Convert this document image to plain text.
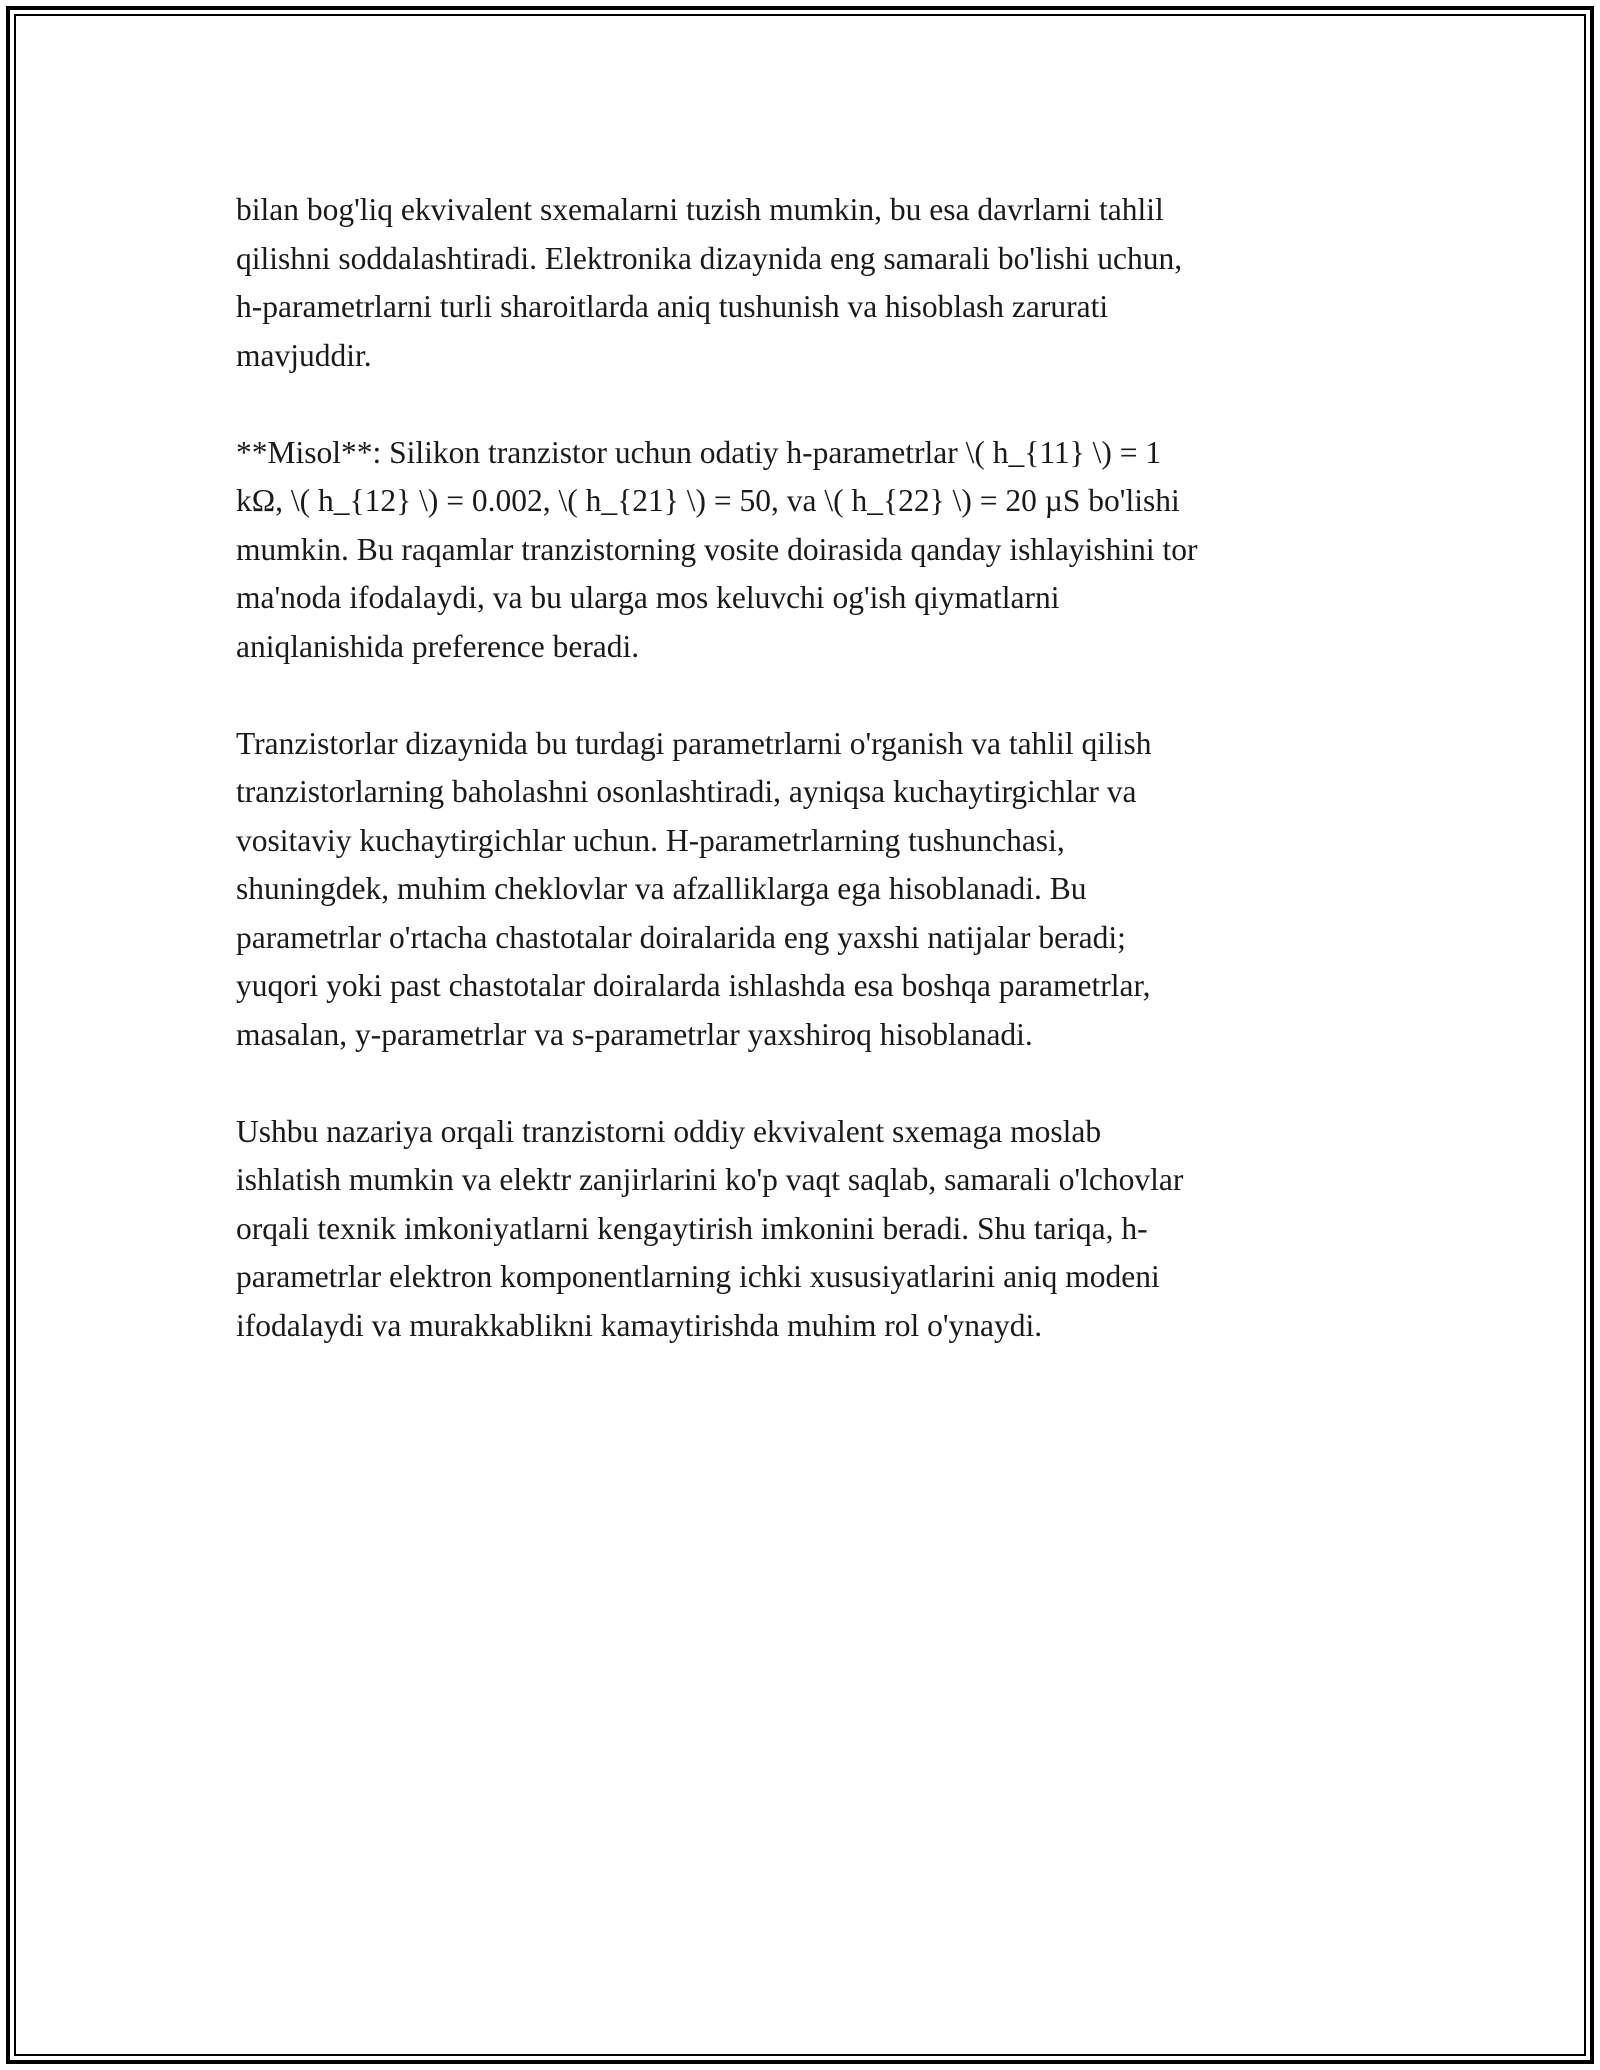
bilan bog'liq ekvivalent sxemalarni tuzish mumkin, bu esa davrlarni tahlil
qilishni soddalashtiradi. Elektronika dizaynida eng samarali bo'lishi uchun,
h-parametrlarni turli sharoitlarda aniq tushunish va hisoblash zarurati
mavjuddir.

**Misol**: Silikon tranzistor uchun odatiy h-parametrlar \( h_{11} \) = 1
kΩ, \( h_{12} \) = 0.002, \( h_{21} \) = 50, va \( h_{22} \) = 20 µS bo'lishi
mumkin. Bu raqamlar tranzistorning vosite doirasida qanday ishlayishini tor
ma'noda ifodalaydi, va bu ularga mos keluvchi og'ish qiymatlarni
aniqlanishida preference beradi.

Tranzistorlar dizaynida bu turdagi parametrlarni o'rganish va tahlil qilish
tranzistorlarning baholashni osonlashtiradi, ayniqsa kuchaytirgichlar va
vositaviy kuchaytirgichlar uchun. H-parametrlarning tushunchasi,
shuningdek, muhim cheklovlar va afzalliklarga ega hisoblanadi. Bu
parametrlar o'rtacha chastotalar doiralarida eng yaxshi natijalar beradi;
yuqori yoki past chastotalar doiralarda ishlashda esa boshqa parametrlar,
masalan, y-parametrlar va s-parametrlar yaxshiroq hisoblanadi.

Ushbu nazariya orqali tranzistorni oddiy ekvivalent sxemaga moslab
ishlatish mumkin va elektr zanjirlarini ko'p vaqt saqlab, samarali o'lchovlar
orqali texnik imkoniyatlarni kengaytirish imkonini beradi. Shu tariqa, h-
parametrlar elektron komponentlarning ichki xususiyatlarini aniq modeni
ifodalaydi va murakkablikni kamaytirishda muhim rol o'ynaydi.
